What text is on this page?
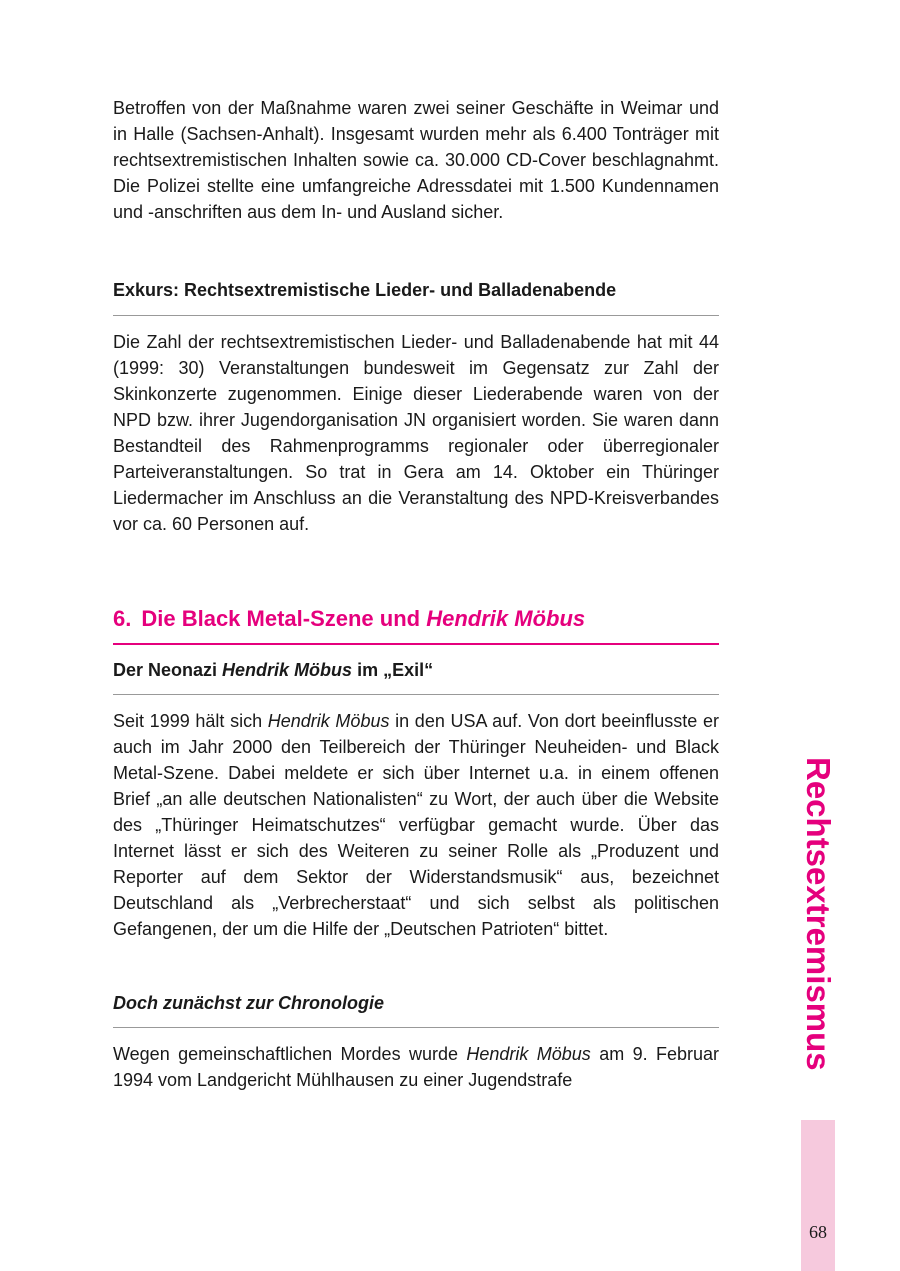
Betroffen von der Maßnahme waren zwei seiner Geschäfte in Weimar und in Halle (Sachsen-Anhalt). Insgesamt wurden mehr als 6.400 Tonträger mit rechtsextremistischen Inhalten sowie ca. 30.000 CD-Cover beschlagnahmt. Die Polizei stellte eine umfangreiche Adressdatei mit 1.500 Kundennamen und -anschriften aus dem In- und Ausland sicher.

Exkurs: Rechtsextremistische Lieder- und Balladenabende

Die Zahl der rechtsextremistischen Lieder- und Balladenabende hat mit 44 (1999: 30) Veranstaltungen bundesweit im Gegensatz zur Zahl der Skinkonzerte zugenommen. Einige dieser Liederabende waren von der NPD bzw. ihrer Jugendorganisation JN organisiert worden. Sie waren dann Bestandteil des Rahmenprogramms regionaler oder überregionaler Parteiveranstaltungen. So trat in Gera am 14. Oktober ein Thüringer Liedermacher im Anschluss an die Veranstaltung des NPD-Kreisverbandes vor ca. 60 Personen auf.

6. Die Black Metal-Szene und Hendrik Möbus
Der Neonazi Hendrik Möbus im „Exil“

Seit 1999 hält sich Hendrik Möbus in den USA auf. Von dort beeinflusste er auch im Jahr 2000 den Teilbereich der Thüringer Neuheiden- und Black Metal-Szene. Dabei meldete er sich über Internet u.a. in einem offenen Brief „an alle deutschen Nationalisten“ zu Wort, der auch über die Website des „Thüringer Heimatschutzes“ verfügbar gemacht wurde. Über das Internet lässt er sich des Weiteren zu seiner Rolle als „Produzent und Reporter auf dem Sektor der Widerstandsmusik“ aus, bezeichnet Deutschland als „Verbrecherstaat“ und sich selbst als politischen Gefangenen, der um die Hilfe der „Deutschen Patrioten“ bittet.

Doch zunächst zur Chronologie

Wegen gemeinschaftlichen Mordes wurde Hendrik Möbus am 9. Februar 1994 vom Landgericht Mühlhausen zu einer Jugendstrafe

Rechtsextremismus
68
